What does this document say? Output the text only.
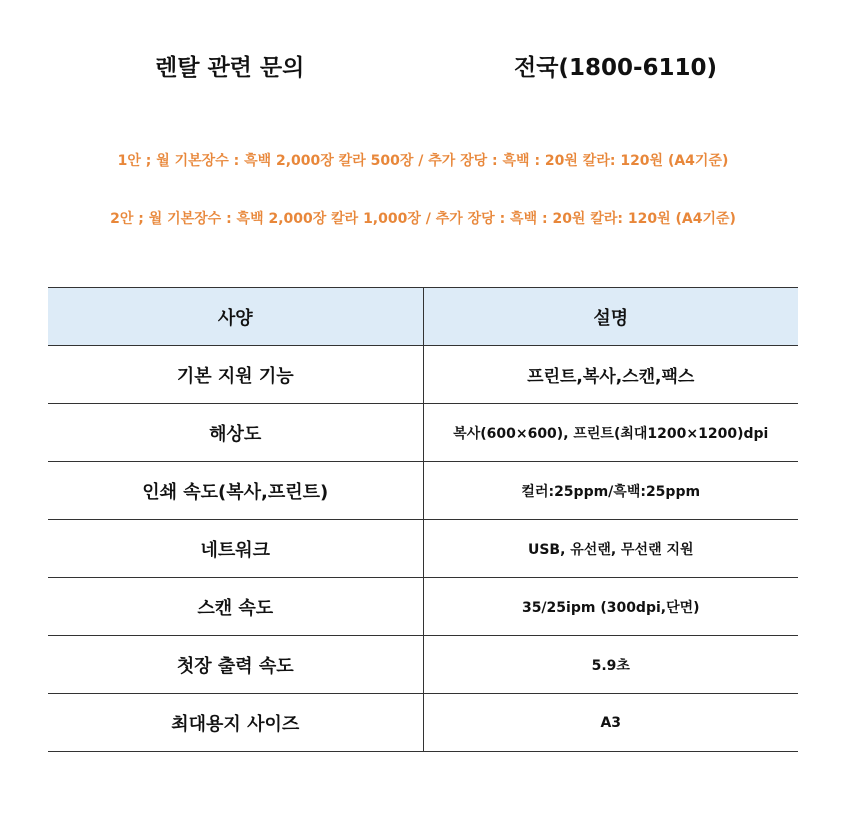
렌탈 관련 문의	전국(1800-6110)
1안 ; 월 기본장수 : 흑백 2,000장 칼라 500장 / 추가 장당 : 흑백 : 20원 칼라: 120원 (A4기준)
2안 ; 월 기본장수 : 흑백 2,000장 칼라 1,000장 / 추가 장당 : 흑백 : 20원 칼라: 120원 (A4기준)
사양	설명
기본 지원 기능	프린트,복사,스캔,팩스
해상도	복사(600×600), 프린트(최대1200×1200)dpi
인쇄 속도(복사,프린트)	컬러:25ppm/흑백:25ppm
네트워크	USB, 유선랜, 무선랜 지원
스캔 속도	35/25ipm (300dpi,단면)
첫장 출력 속도	5.9초
최대용지 사이즈	A3
